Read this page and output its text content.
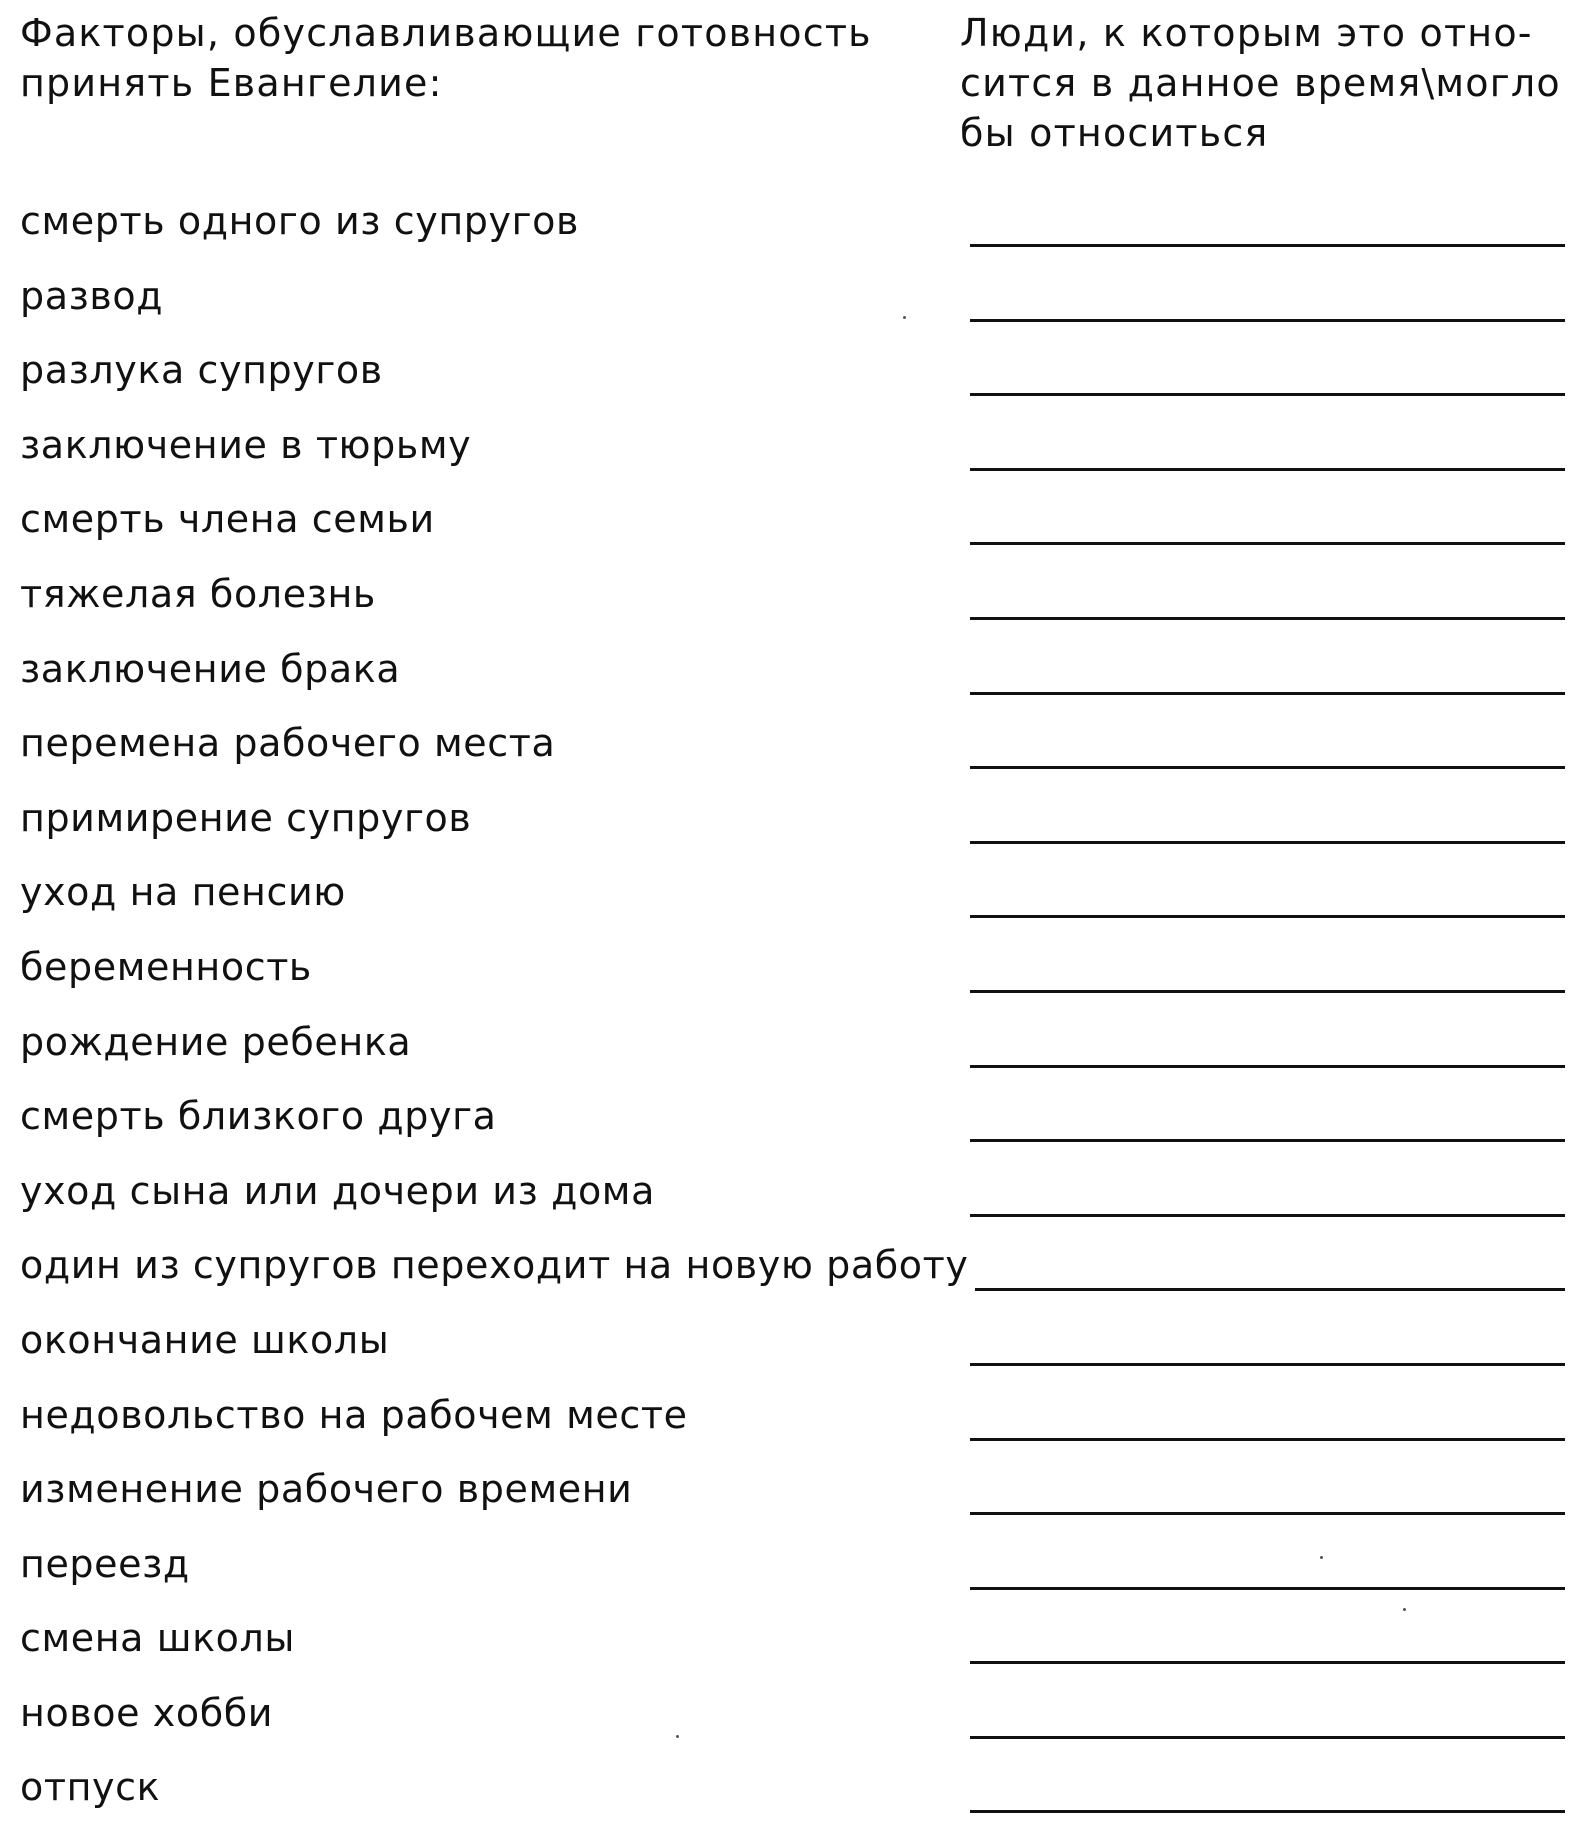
Факторы, обуславливающие готовность
принять Евангелие:
Люди, к которым это отно-
сится в данное время\могло
бы относиться
смерть одного из супругов
развод
разлука супругов
заключение в тюрьму
смерть члена семьи
тяжелая болезнь
заключение брака
перемена рабочего места
примирение супругов
уход на пенсию
беременность
рождение ребенка
смерть близкого друга
уход сына или дочери из дома
один из супругов переходит на новую работу
окончание школы
недовольство на рабочем месте
изменение рабочего времени
переезд
смена школы
новое хобби
отпуск
